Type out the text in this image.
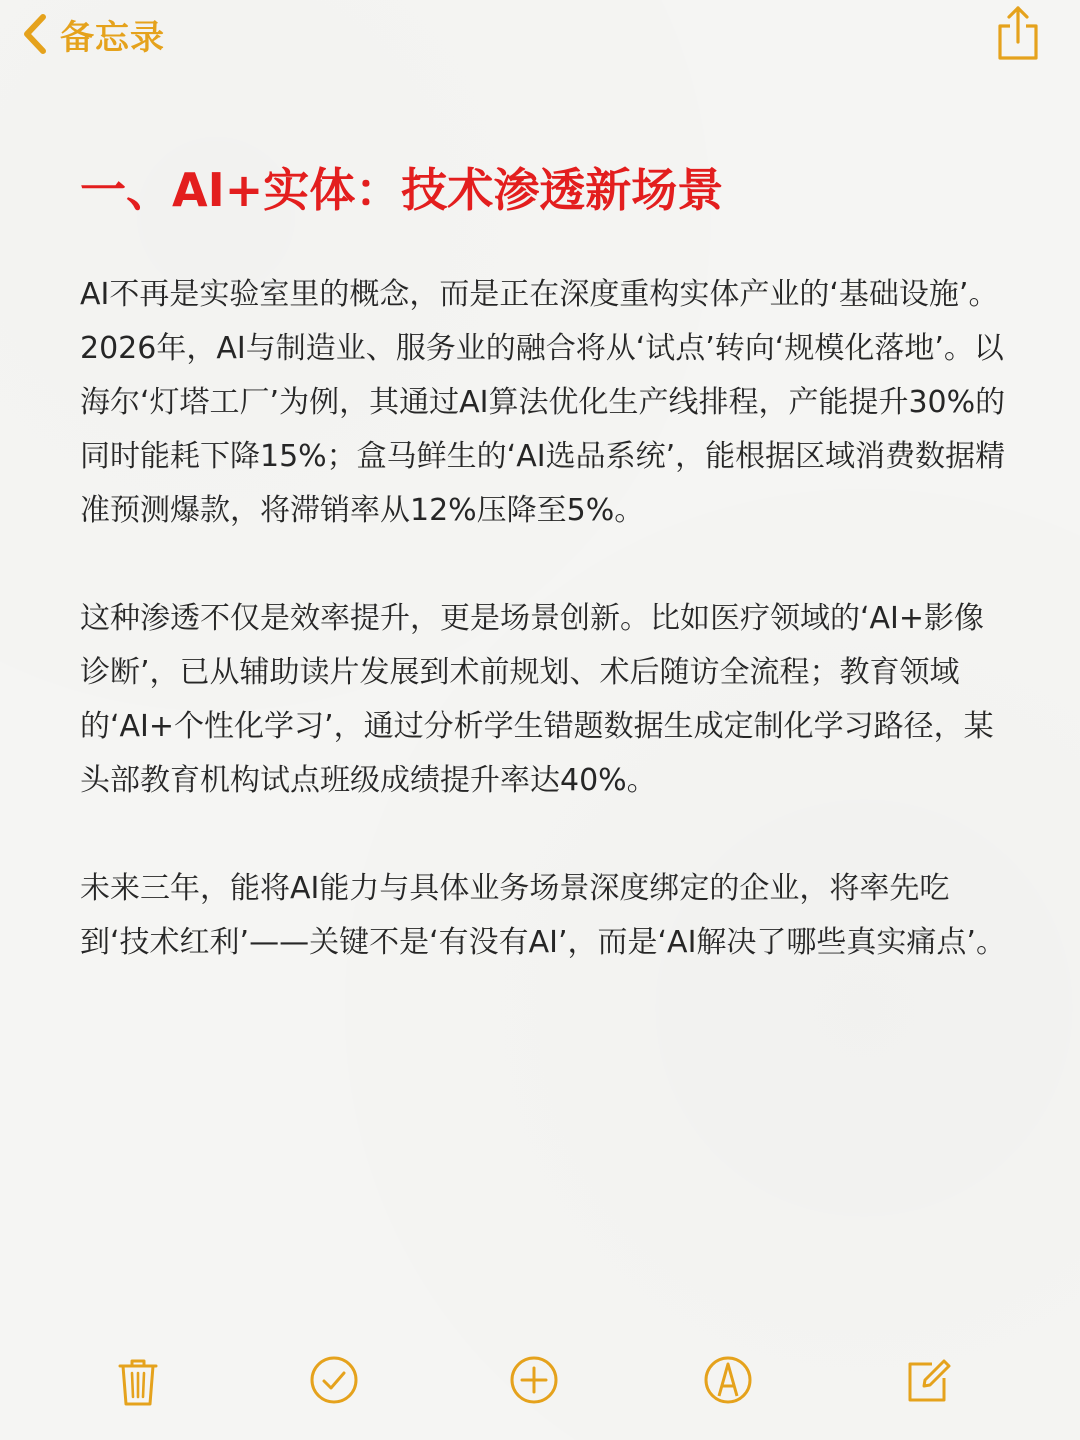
备忘录
一、AI+实体：技术渗透新场景

AI不再是实验室里的概念，而是正在深度重构实体产业的‘基础设施’。2026年，AI与制造业、服务业的融合将从‘试点’转向‘规模化落地’。以海尔‘灯塔工厂’为例，其通过AI算法优化生产线排程，产能提升30%的同时能耗下降15%；盒马鲜生的‘AI选品系统’，能根据区域消费数据精准预测爆款，将滞销率从12%压降至5%。

这种渗透不仅是效率提升，更是场景创新。比如医疗领域的‘AI+影像诊断’，已从辅助读片发展到术前规划、术后随访全流程；教育领域的‘AI+个性化学习’，通过分析学生错题数据生成定制化学习路径，某头部教育机构试点班级成绩提升率达40%。

未来三年，能将AI能力与具体业务场景深度绑定的企业，将率先吃到‘技术红利’——关键不是‘有没有AI’，而是‘AI解决了哪些真实痛点’。
